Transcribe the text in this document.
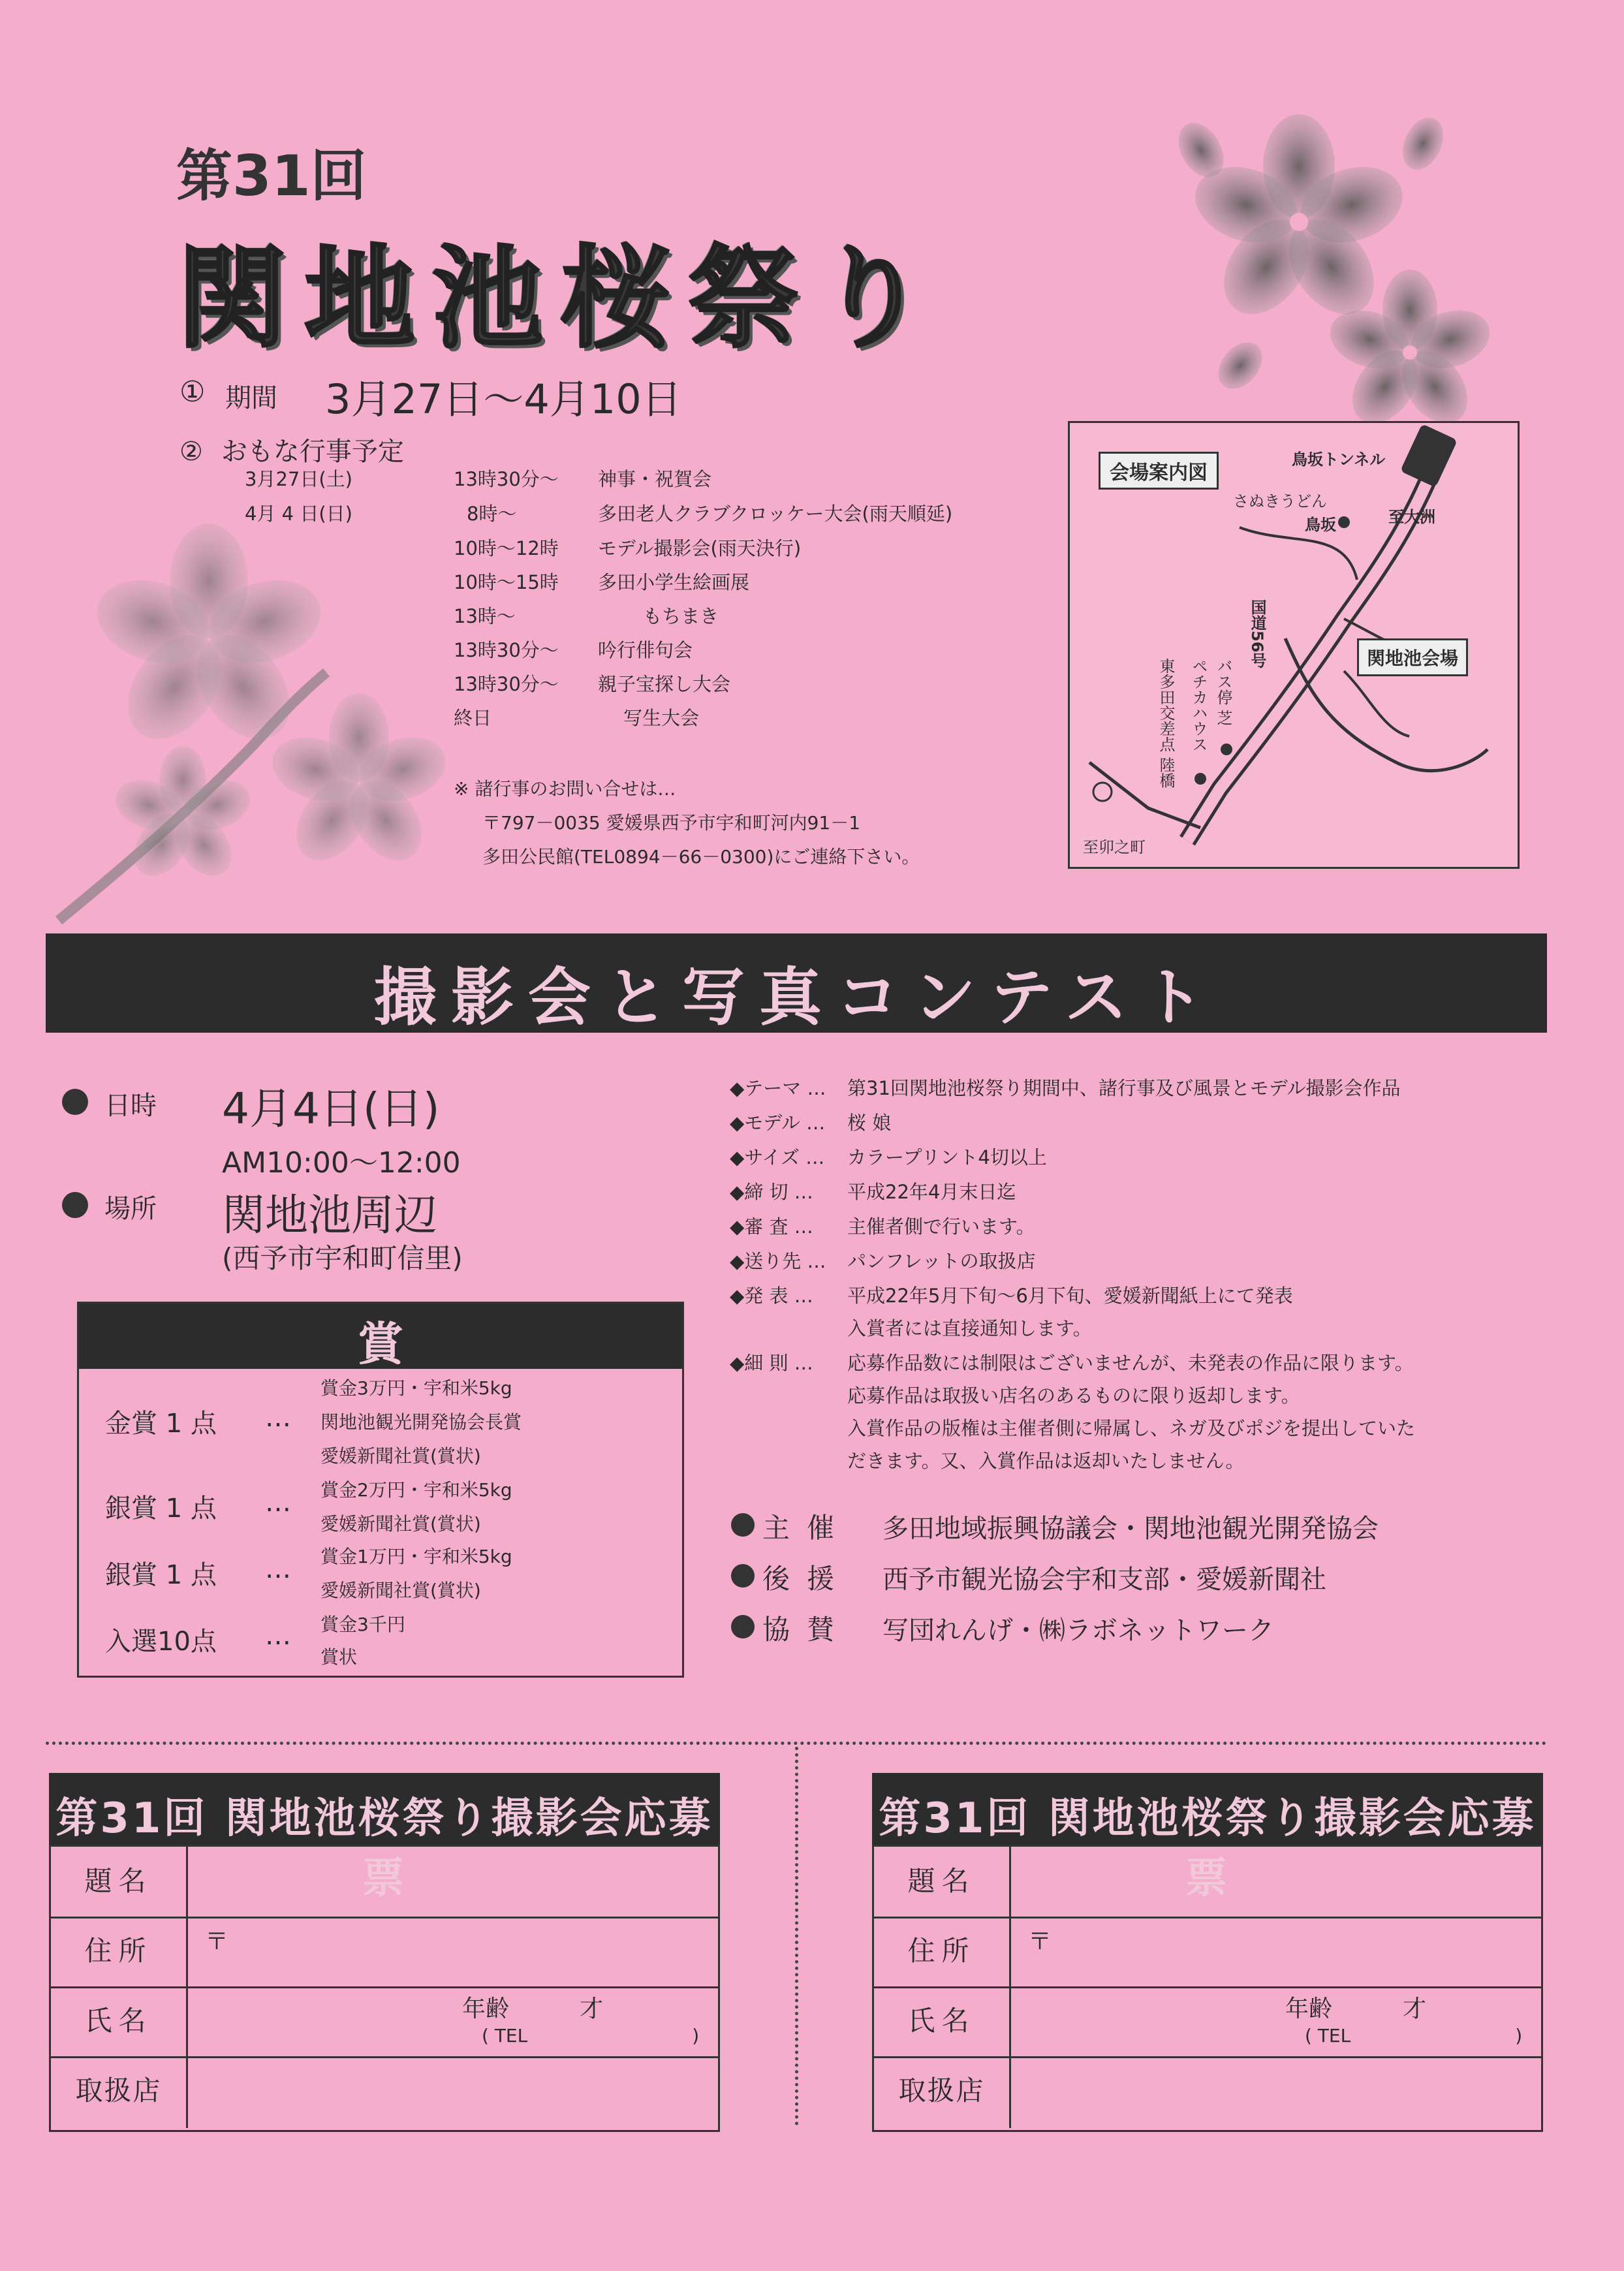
第31回
関地池桜祭り
① 期間 3月27日～4月10日
② おもな行事予定
3月27日(土)	13時30分～ 神事・祝賀会
4月 4 日(日)	8時～	多田老人クラブクロッケー大会(雨天順延)
10時～12時 モデル撮影会(雨天決行)
10時～15時 多田小学生絵画展
13時～	もちまき
13時30分～ 吟行俳句会
13時30分～ 親子宝探し大会
終日	写生大会
※ 諸行事のお問い合せは…
〒797－0035 愛媛県西予市宇和町河内91－1
多田公民館(TEL0894－66－0300)にご連絡下さい。
会場案内図
鳥坂トンネル
さぬきうどん
鳥坂	至大洲
国道56号	関地池会場
バス停 芝
ペチカハウス
東多田交差点 陸橋
至卯之町
撮影会と写真コンテスト
日時 4月4日(日)
AM10:00～12:00
場所 関地池周辺
(西予市宇和町信里)
賞
金賞 1 点 …
賞金3万円・宇和米5kg
関地池観光開発協会長賞
愛媛新聞社賞(賞状)
銀賞 1 点 … 賞金2万円・宇和米5kg
愛媛新聞社賞(賞状)
銀賞 1 点 … 賞金1万円・宇和米5kg
愛媛新聞社賞(賞状)
入選10点 … 賞金3千円
賞状
◆テーマ … 第31回関地池桜祭り期間中、諸行事及び風景とモデル撮影会作品
◆モデル … 桜 娘
◆サイズ … カラープリント4切以上
◆締 切 … 平成22年4月末日迄
◆審 査 … 主催者側で行います。
◆送り先 … パンフレットの取扱店
◆発 表 … 平成22年5月下旬～6月下旬、愛媛新聞紙上にて発表
入賞者には直接通知します。
◆細 則 … 応募作品数には制限はございませんが、未発表の作品に限ります。
応募作品は取扱い店名のあるものに限り返却します。
入賞作品の版権は主催者側に帰属し、ネガ及びポジを提出していた
だきます。又、入賞作品は返却いたしません。
主催 多田地域振興協議会・関地池観光開発協会
後援 西予市観光協会宇和支部・愛媛新聞社
協賛 写団れんげ・㈱ラボネットワーク
第31回 関地池桜祭り撮影会応募票
題名
住所	〒
氏名	年齢　　　才
( TEL　　　　　　　　　)
取扱店
第31回 関地池桜祭り撮影会応募票
題名
住所	〒
氏名	年齢　　　才
( TEL　　　　　　　　　)
取扱店
